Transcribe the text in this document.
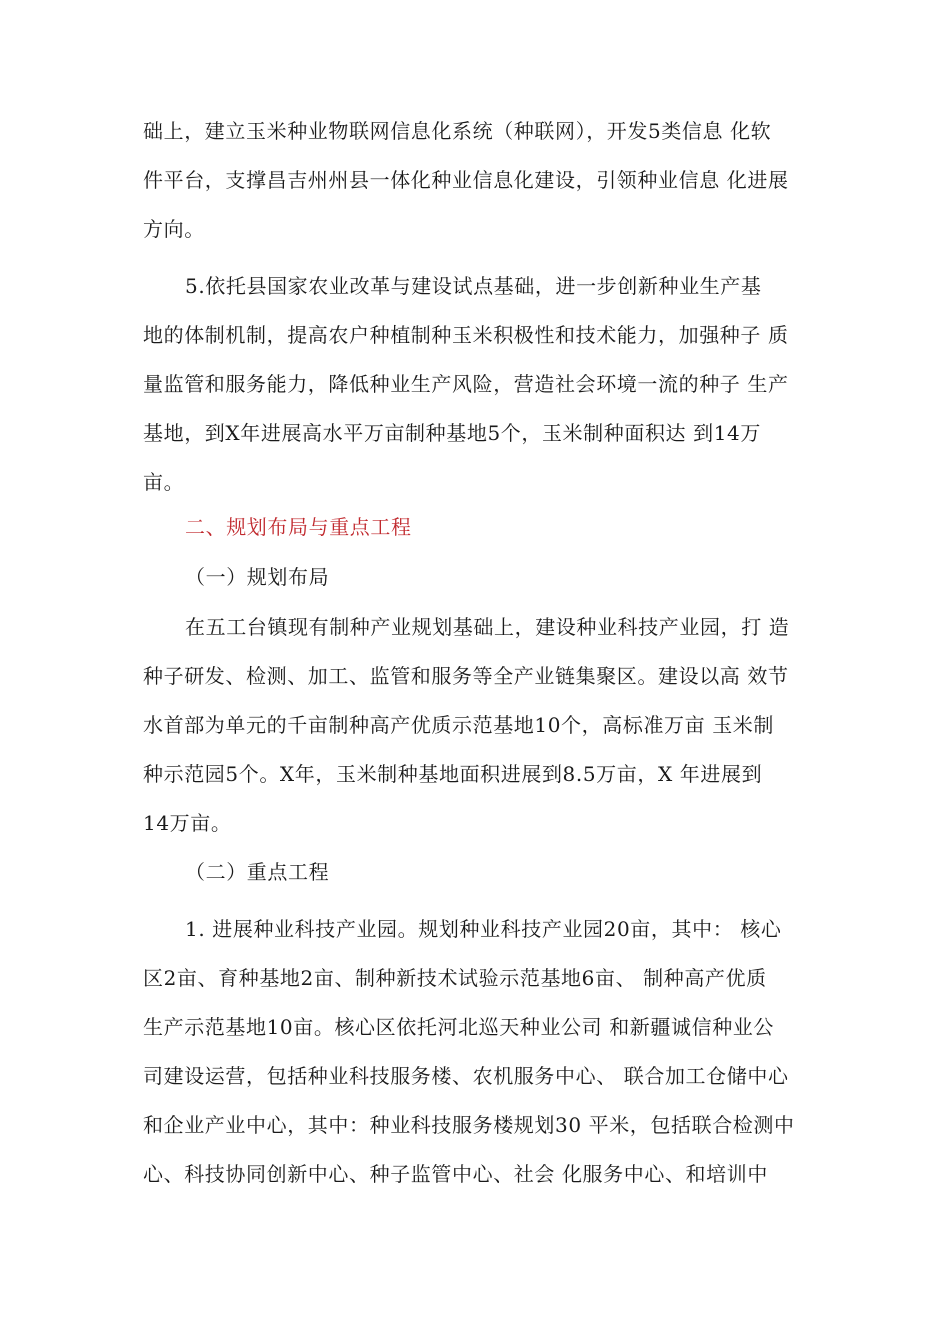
础上，建立玉米种业物联网信息化系统（种联网），开发5类信息 化软
件平台，支撑昌吉州州县一体化种业信息化建设，引领种业信息 化进展
方向。
5.依托县国家农业改革与建设试点基础，进一步创新种业生产基
地的体制机制，提高农户种植制种玉米积极性和技术能力，加强种子 质
量监管和服务能力，降低种业生产风险，营造社会环境一流的种子 生产
基地，到X年进展高水平万亩制种基地5个，玉米制种面积达 到14万
亩。
二、规划布局与重点工程
（一）规划布局
在五工台镇现有制种产业规划基础上，建设种业科技产业园，打 造
种子研发、检测、加工、监管和服务等全产业链集聚区。建设以高 效节
水首部为单元的千亩制种高产优质示范基地10个，高标准万亩 玉米制
种示范园5个。X年，玉米制种基地面积进展到8.5万亩，X 年进展到
14万亩。
（二）重点工程
1. 进展种业科技产业园。规划种业科技产业园20亩，其中： 核心
区2亩、育种基地2亩、制种新技术试验示范基地6亩、 制种高产优质
生产示范基地10亩。核心区依托河北巡天种业公司 和新疆诚信种业公
司建设运营，包括种业科技服务楼、农机服务中心、 联合加工仓储中心
和企业产业中心，其中：种业科技服务楼规划30 平米，包括联合检测中
心、科技协同创新中心、种子监管中心、社会 化服务中心、和培训中
